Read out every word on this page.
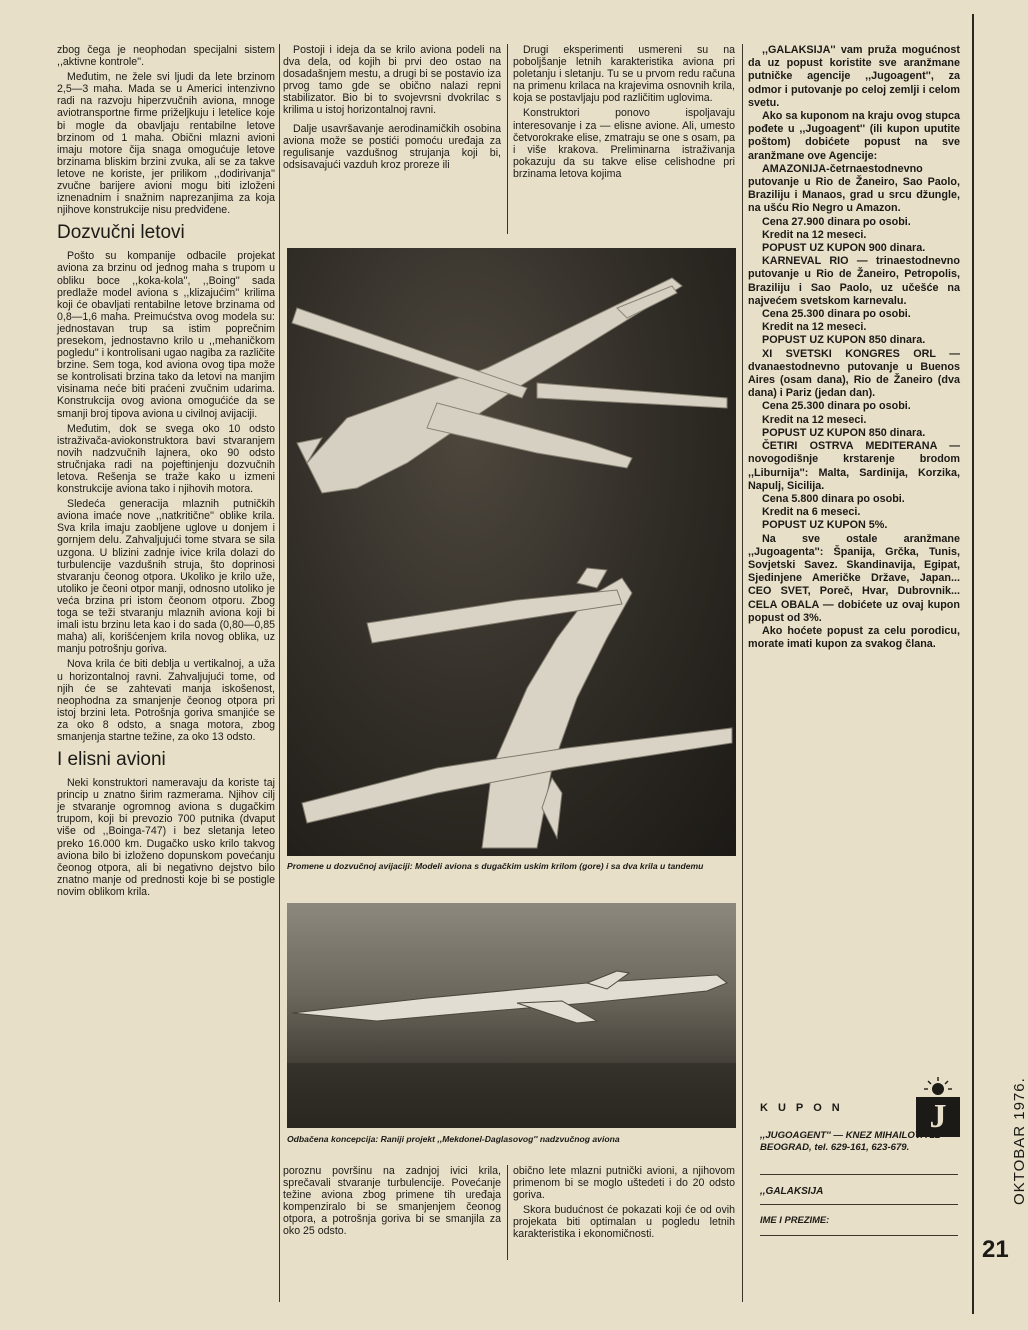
zbog čega je neophodan specijalni sistem ,,aktivne kontrole''.

Međutim, ne žele svi ljudi da lete brzinom 2,5—3 maha. Mada se u Americi intenzivno radi na razvoju hiperzvučnih aviona, mnoge aviotransportne firme priželjkuju i letelice koje bi mogle da obavljaju rentabilne letove brzinom od 1 maha. Obični mlazni avioni imaju motore čija snaga omogućuje letove brzinama bliskim brzini zvuka, ali se za takve letove ne koriste, jer prilikom ,,dodirivanja'' zvučne barijere avioni mogu biti izloženi iznenadnim i snažnim naprezanjima za koja njihove konstrukcije nisu predviđene.

Dozvučni letovi

Pošto su kompanije odbacile projekat aviona za brzinu od jednog maha s trupom u obliku boce ,,koka-kola'', ,,Boing'' sada predlaže model aviona s ,,klizajućim'' krilima koji će obavljati rentabilne letove brzinama od 0,8—1,6 maha. Preimućstva ovog modela su: jednostavan trup sa istim poprečnim presekom, jednostavno krilo u ,,mehaničkom pogledu'' i kontrolisani ugao nagiba za različite brzine. Sem toga, kod aviona ovog tipa može se kontrolisati brzina tako da letovi na manjim visinama neće biti praćeni zvučnim udarima. Konstrukcija ovog aviona omogućiće da se smanji broj tipova aviona u civilnoj avijaciji.

Međutim, dok se svega oko 10 odsto istraživača-aviokonstruktora bavi stvaranjem novih nadzvučnih lajnera, oko 90 odsto stručnjaka radi na pojeftinjenju dozvučnih letova. Rešenja se traže kako u izmeni konstrukcije aviona tako i njihovih motora.

Sledeća generacija mlaznih putničkih aviona imaće nove ,,natkritične'' oblike krila. Sva krila imaju zaobljene uglove u donjem i gornjem delu. Zahvaljujući tome stvara se sila uzgona. U blizini zadnje ivice krila dolazi do turbulencije vazdušnih struja, što doprinosi stvaranju čeonog otpora. Ukoliko je krilo uže, utoliko je čeoni otpor manji, odnosno utoliko je veća brzina pri istom čeonom otporu. Zbog toga se teži stvaranju mlaznih aviona koji bi imali istu brzinu leta kao i do sada (0,80—0,85 maha) ali, korišćenjem krila novog oblika, uz manju potrošnju goriva.

Nova krila će biti deblja u vertikalnoj, a uža u horizontalnoj ravni. Zahvaljujući tome, od njih će se zahtevati manja iskošenost, neophodna za smanjenje čeonog otpora pri istoj brzini leta. Potrošnja goriva smanjiće se za oko 8 odsto, a snaga motora, zbog smanjenja startne težine, za oko 13 odsto.

I elisni avioni

Neki konstruktori nameravaju da koriste taj princip u znatno širim razmerama. Njihov cilj je stvaranje ogromnog aviona s dugačkim trupom, koji bi prevozio 700 putnika (dvaput više od ,,Boinga-747) i bez sletanja leteo preko 16.000 km. Dugačko usko krilo takvog aviona bilo bi izloženo dopunskom povećanju čeonog otpora, ali bi negativno dejstvo bilo znatno manje od prednosti koje bi se postigle novim oblikom krila.

Postoji i ideja da se krilo aviona podeli na dva dela, od kojih bi prvi deo ostao na dosadašnjem mestu, a drugi bi se postavio iza prvog tamo gde se obično nalazi repni stabilizator. Bio bi to svojevrsni dvokrilac s krilima u istoj horizontalnoj ravni.

Dalje usavršavanje aerodinamičkih osobina aviona može se postići pomoću uređaja za regulisanje vazdušnog strujanja koji bi, odsisavajući vazduh kroz proreze ili

Drugi eksperimenti usmereni su na poboljšanje letnih karakteristika aviona pri poletanju i sletanju. Tu se u prvom redu računa na primenu krilaca na krajevima osnovnih krila, koja se postavljaju pod različitim uglovima.

Konstruktori ponovo ispoljavaju interesovanje i za — elisne avione. Ali, umesto četvorokrake elise, zmatraju se one s osam, pa i više krakova. Preliminarna istraživanja pokazuju da su takve elise celishodne pri brzinama letova kojima

Promene u dozvučnoj avijaciji: Modeli aviona s dugačkim uskim krilom (gore) i sa dva krila u tandemu
Odbačena koncepcija: Raniji projekt ,,Mekdonel-Daglasovog'' nadzvučnog aviona

poroznu površinu na zadnjoj ivici krila, sprečavali stvaranje turbulencije. Povećanje težine aviona zbog primene tih uređaja kompenziralo bi se smanjenjem čeonog otpora, a potrošnja goriva bi se smanjila za oko 25 odsto.

obično lete mlazni putnički avioni, a njihovom primenom bi se moglo uštedeti i do 20 odsto goriva.

Skora budućnost će pokazati koji će od ovih projekata biti optimalan u pogledu letnih karakteristika i ekonomičnosti.

,,GALAKSIJA'' vam pruža mogućnost da uz popust koristite sve aranžmane putničke agencije ,,Jugoagent'', za odmor i putovanje po celoj zemlji i celom svetu.

Ako sa kuponom na kraju ovog stupca pođete u ,,Jugoagent'' (ili kupon uputite poštom) dobićete popust na sve aranžmane ove Agencije:

AMAZONIJA-četrnaestodnevno putovanje u Rio de Žaneiro, Sao Paolo, Braziliju i Manaos, grad u srcu džungle, na ušću Rio Negro u Amazon.

Cena 27.900 dinara po osobi.

Kredit na 12 meseci.

POPUST UZ KUPON 900 dinara.

KARNEVAL RIO — trinaestodnevno putovanje u Rio de Žaneiro, Petropolis, Braziliju i Sao Paolo, uz učešće na najvećem svetskom karnevalu.

Cena 25.300 dinara po osobi.

Kredit na 12 meseci.

POPUST UZ KUPON 850 dinara.

XI SVETSKI KONGRES ORL — dvanaestodnevno putovanje u Buenos Aires (osam dana), Rio de Žaneiro (dva dana) i Pariz (jedan dan).

Cena 25.300 dinara po osobi.

Kredit na 12 meseci.

POPUST UZ KUPON 850 dinara.

ČETIRI OSTRVA MEDITERANA — novogodišnje krstarenje brodom ,,Liburnija'': Malta, Sardinija, Korzika, Napulj, Sicilija.

Cena 5.800 dinara po osobi.

Kredit na 6 meseci.

POPUST UZ KUPON 5%.

Na sve ostale aranžmane ,,Jugoagenta'': Španija, Grčka, Tunis, Sovjetski Savez. Skandinavija, Egipat, Sjedinjene Američke Države, Japan... CEO SVET, Poreč, Hvar, Dubrovnik... CELA OBALA — dobićete uz ovaj kupon popust od 3%.

Ako hoćete popust za celu porodicu, morate imati kupon za svakog člana.

J
KUPON
,,JUGOAGENT'' — KNEZ MIHAILOVA 22 BEOGRAD, tel. 629-161, 623-679.
,,GALAKSIJA
IME I PREZIME:
OKTOBAR 1976.
21
